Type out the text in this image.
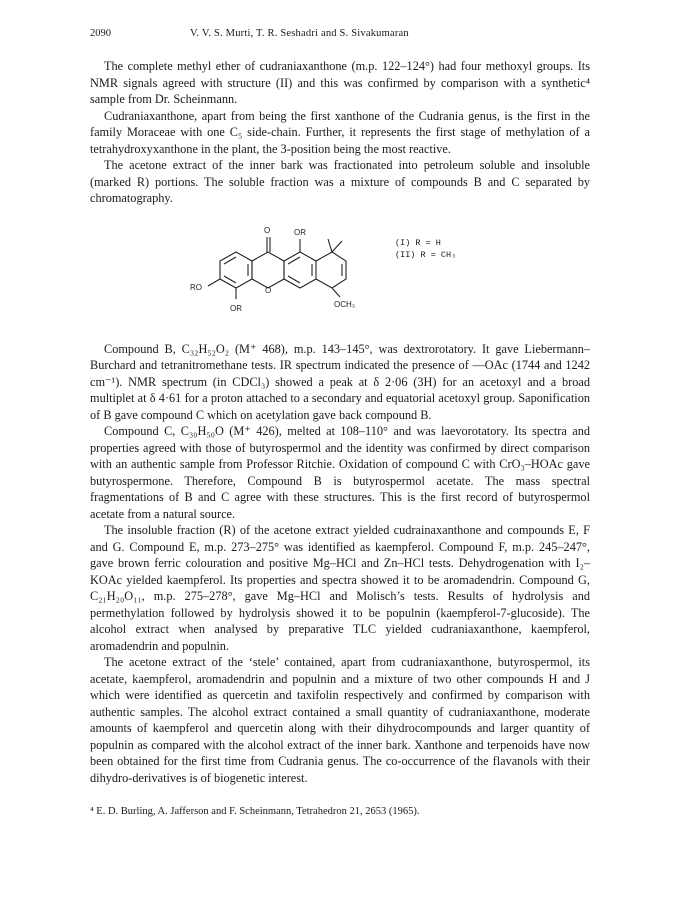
2090	V. V. S. Murti, T. R. Seshadri and S. Sivakumaran

The complete methyl ether of cudraniaxanthone (m.p. 122–124°) had four methoxyl groups. Its NMR signals agreed with structure (II) and this was confirmed by comparison with a synthetic⁴ sample from Dr. Scheinmann.

Cudraniaxanthone, apart from being the first xanthone of the Cudrania genus, is the first in the family Moraceae with one C₅ side-chain. Further, it represents the first stage of methylation of a tetrahydroxyxanthone in the plant, the 3-position being the most reactive.

The acetone extract of the inner bark was fractionated into petroleum soluble and insoluble (marked R) portions. The soluble fraction was a mixture of compounds B and C separated by chromatography.

O	OR
RO	O
OCH₃
OR
(I) R = H
(II) R = CH₃

Compound B, C₃₂H₅₂O₂ (M⁺ 468), m.p. 143–145°, was dextrorotatory. It gave Liebermann–Burchard and tetranitromethane tests. IR spectrum indicated the presence of —OAc (1744 and 1242 cm⁻¹). NMR spectrum (in CDCl₃) showed a peak at δ 2·06 (3H) for an acetoxyl and a broad multiplet at δ 4·61 for a proton attached to a secondary and equatorial acetoxyl group. Saponification of B gave compound C which on acetylation gave back compound B.

Compound C, C₃₀H₅₀O (M⁺ 426), melted at 108–110° and was laevorotatory. Its spectra and properties agreed with those of butyrospermol and the identity was confirmed by direct comparison with an authentic sample from Professor Ritchie. Oxidation of compound C with CrO₃–HOAc gave butyrospermone. Therefore, Compound B is butyrospermol acetate. The mass spectral fragmentations of B and C agree with these structures. This is the first record of butyrospermol acetate from a natural source.

The insoluble fraction (R) of the acetone extract yielded cudrainaxanthone and compounds E, F and G. Compound E, m.p. 273–275° was identified as kaempferol. Compound F, m.p. 245–247°, gave brown ferric colouration and positive Mg–HCl and Zn–HCl tests. Dehydrogenation with I₂–KOAc yielded kaempferol. Its properties and spectra showed it to be aromadendrin. Compound G, C₂₁H₂₀O₁₁, m.p. 275–278°, gave Mg–HCl and Molisch’s tests. Results of hydrolysis and permethylation followed by hydrolysis showed it to be populnin (kaempferol-7-glucoside). The alcohol extract when analysed by preparative TLC yielded cudraniaxanthone, kaempferol, aromadendrin and populnin.

The acetone extract of the ‘stele’ contained, apart from cudraniaxanthone, butyrospermol, its acetate, kaempferol, aromadendrin and populnin and a mixture of two other compounds H and J which were identified as quercetin and taxifolin respectively and confirmed by comparison with authentic samples. The alcohol extract contained a small quantity of cudraniaxanthone, moderate amounts of kaempferol and quercetin along with their dihydrocompounds and larger quantity of populnin as compared with the alcohol extract of the inner bark. Xanthone and terpenoids have now been obtained for the first time from Cudrania genus. The co-occurrence of the flavanols with their dihydro-derivatives is of biogenetic interest.

⁴ E. D. Burling, A. Jafferson and F. Scheinmann, Tetrahedron 21, 2653 (1965).
